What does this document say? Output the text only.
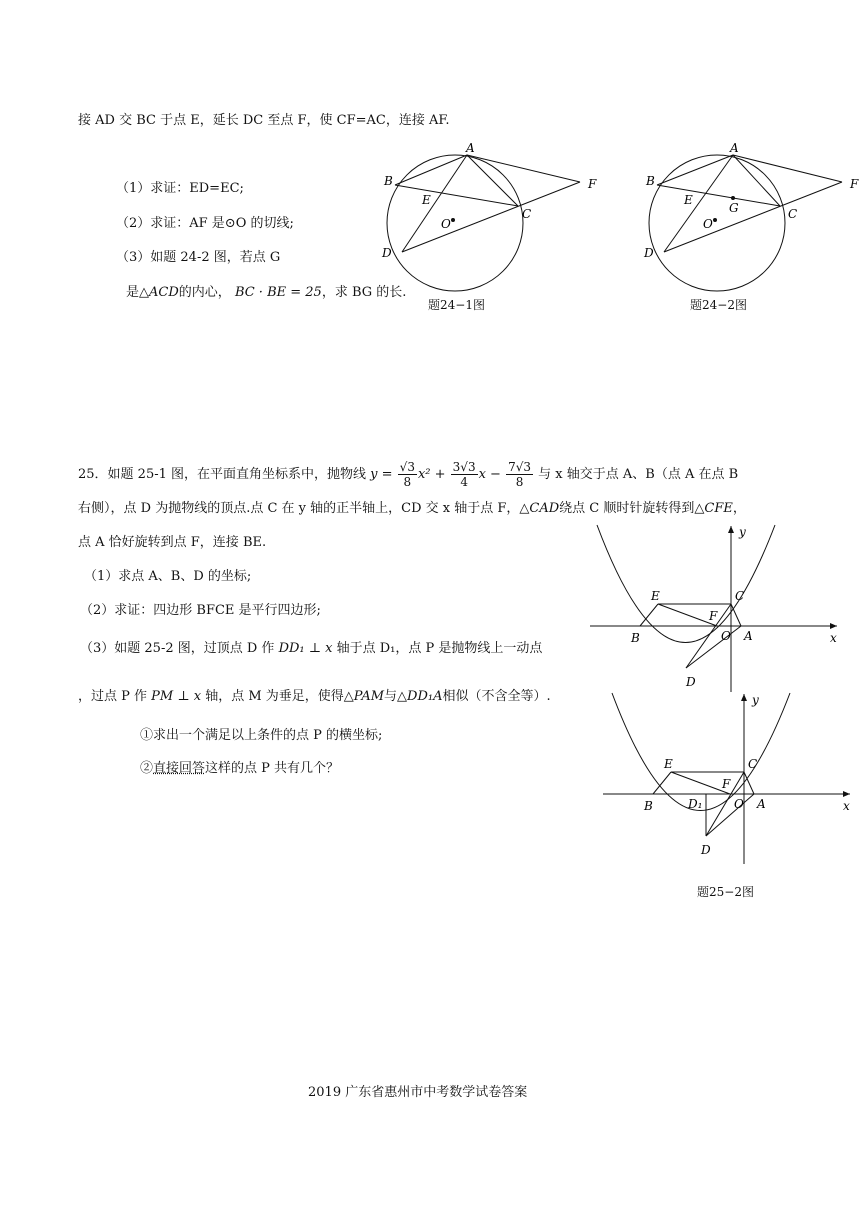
接 AD 交 BC 于点 E，延长 DC 至点 F，使 CF=AC，连接 AF.
（1）求证：ED=EC;
（2）求证：AF 是⊙O 的切线;
（3）如题 24-2 图，若点 G
是△ACD的内心， BC · BE = 25，求 BG 的长.
A
B
C
D
E
F
O
题24−1图
A
B
C
D
E
F
G
O
题24−2图
25．如题 25-1 图，在平面直角坐标系中，抛物线 $y = \frac{√3}{8} x^2 + \frac{3√3}{4}$ $x - \frac{7√3}{8}$ 与 x 轴交于点 A、B（点 A 在点 B
右侧），点 D 为抛物线的顶点.点 C 在 y 轴的正半轴上，CD 交 x 轴于点 F，△CAD绕点 C 顺时针旋转得到△CFE，
点 A 恰好旋转到点 F，连接 BE.
（1）求点 A、B、D 的坐标;
（2）求证：四边形 BFCE 是平行四边形;
（3）如题 25-2 图，过顶点 D 作 DD₁ ⊥ x 轴于点 D₁，点 P 是抛物线上一动点
，过点 P 作 PM ⊥ x 轴，点 M 为垂足，使得△PAM与△DD₁A相似（不含全等）.
①求出一个满足以上条件的点 P 的横坐标;
②直接回答这样的点 P 共有几个？
B
E	C
F
O A
D
x
y
B
E	C
F
D₁	O A
D
x
y
题25−2图
2019 广东省惠州市中考数学试卷答案
